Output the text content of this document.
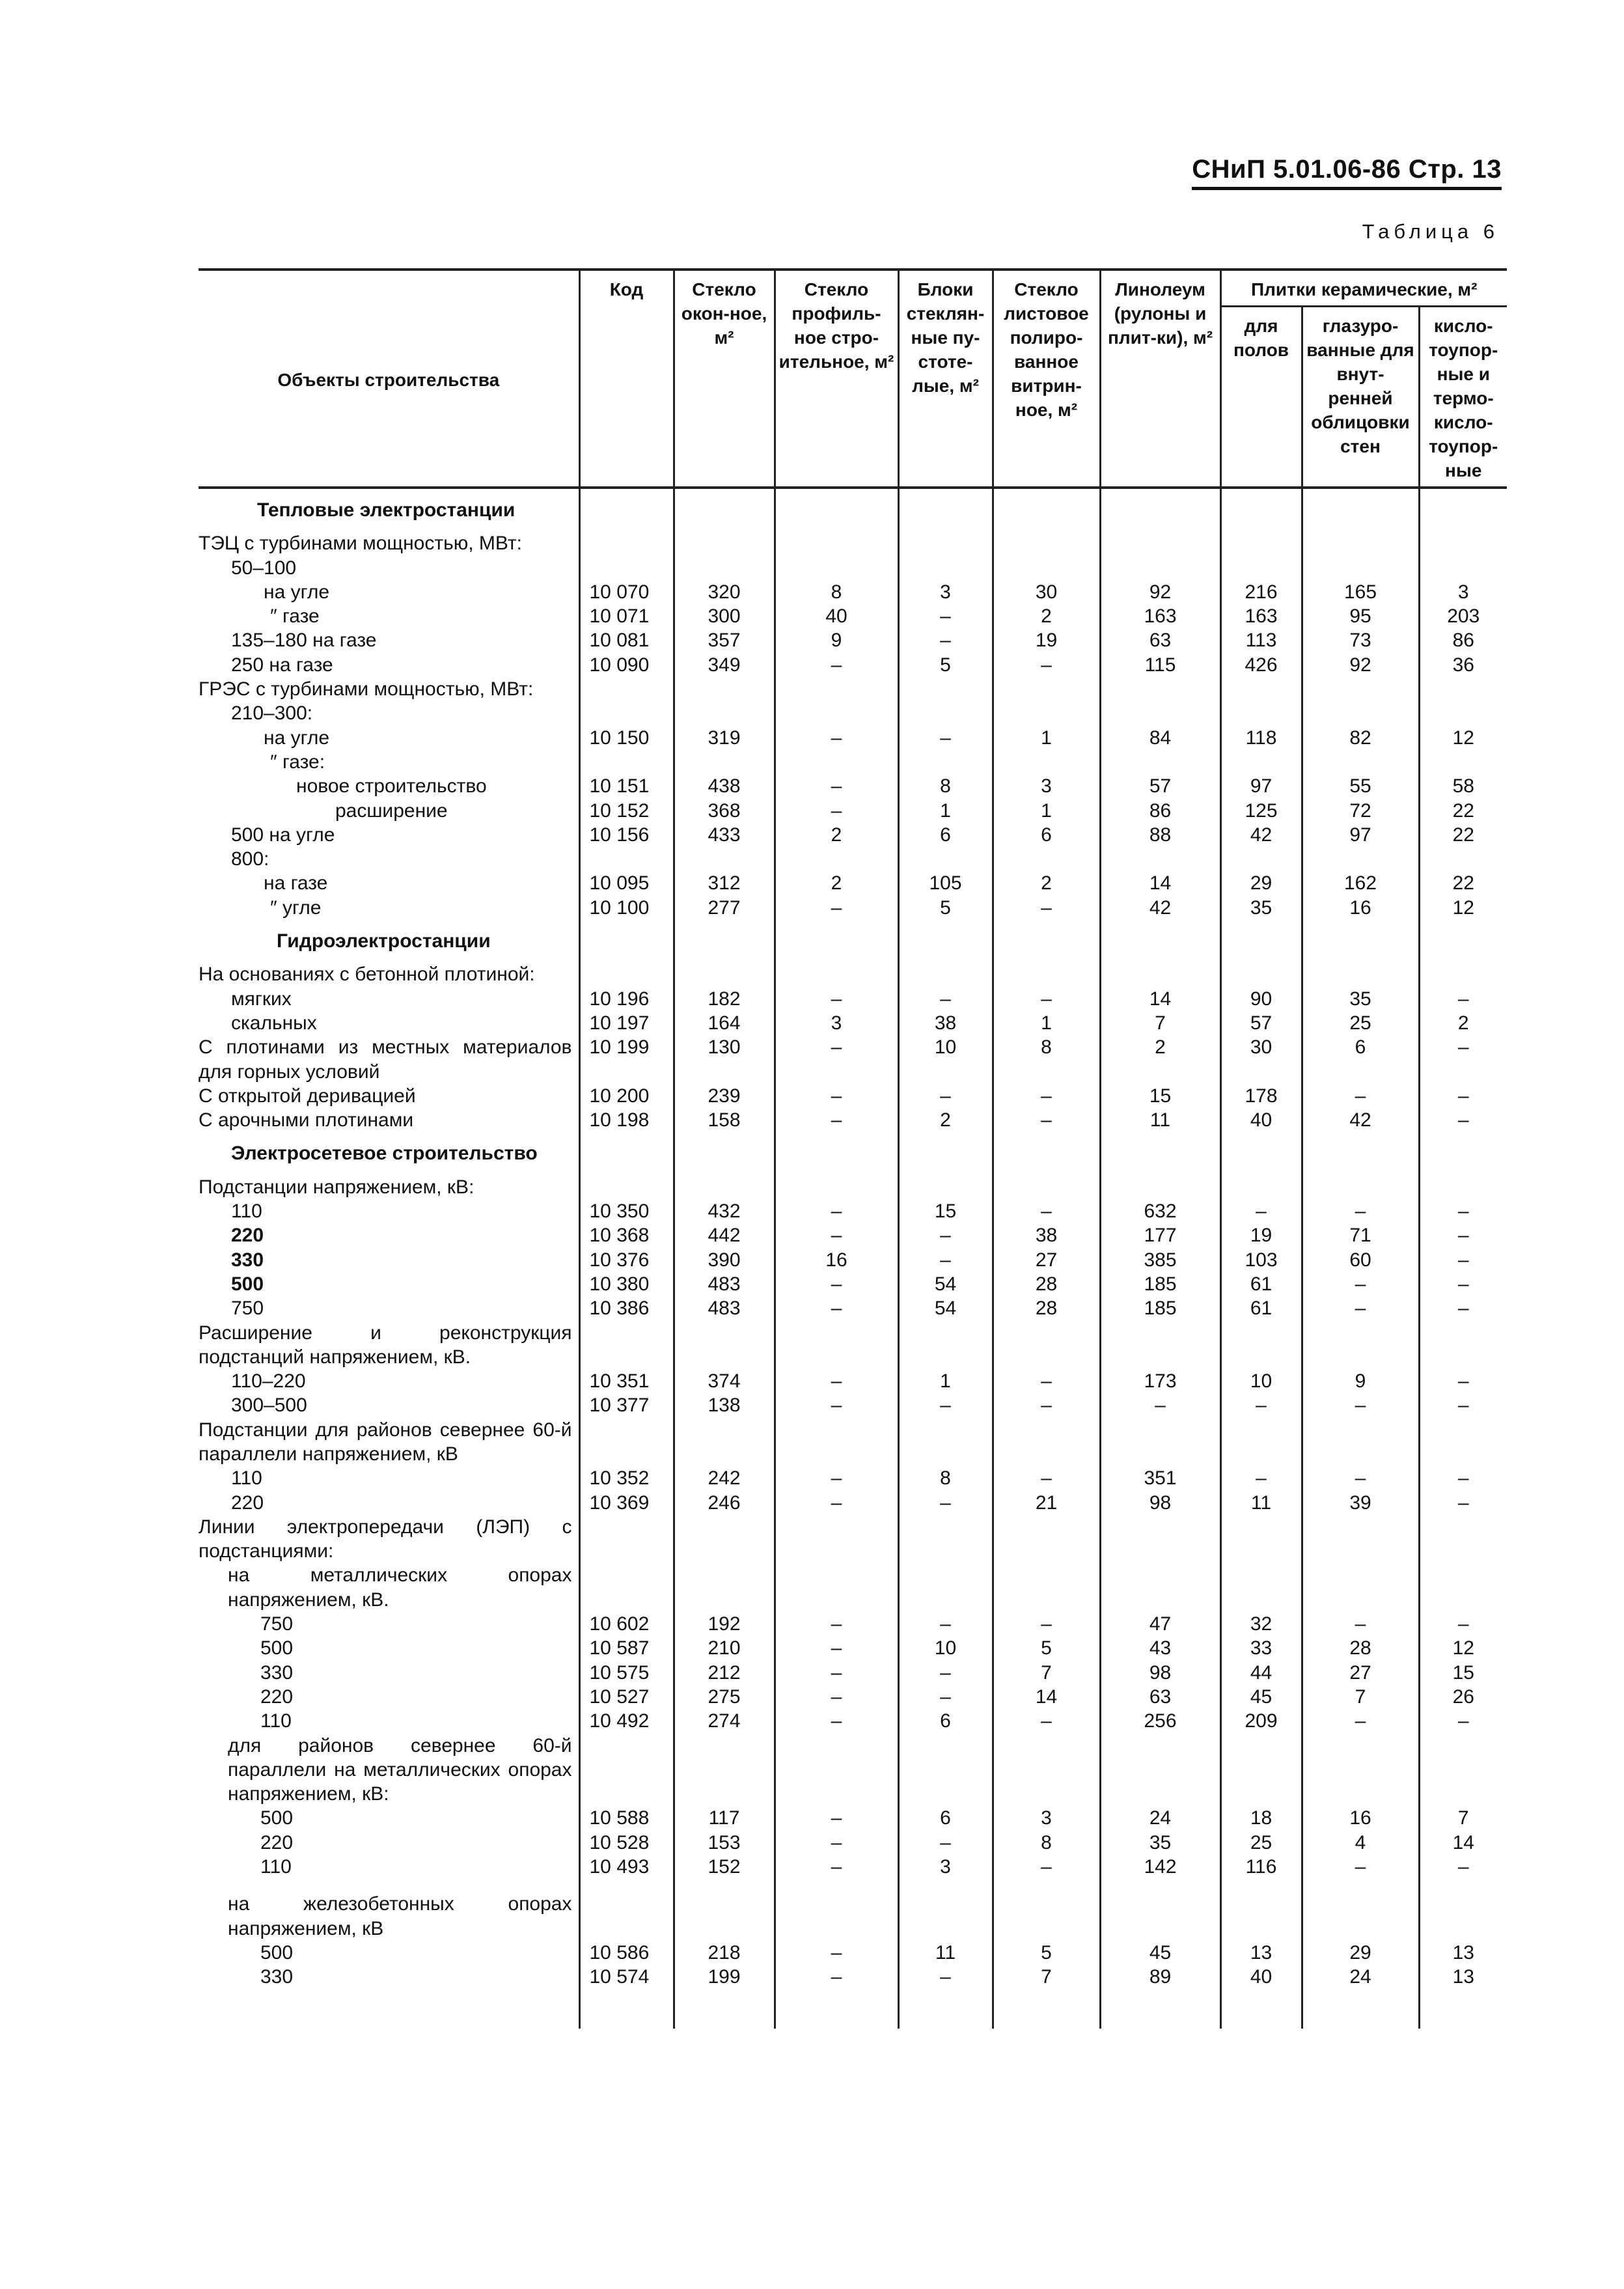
СНиП 5.01.06-86 Стр. 13
Таблица 6
Объекты строительства	Код	Стекло окон-ное, м²	Стекло профиль-ное стро-ительное, м²	Блоки стеклян-ные пу-стоте-лые, м²	Стекло листовое полиро-ванное витрин-ное, м²	Линолеум (рулоны и плит-ки), м²	Плитки керамические, м²		
							для полов	глазуро-ванные для внут-ренней облицовки стен	кисло-тоупор-ные и термо-кисло-тоупор-ные
Тепловые электростанции									
ТЭЦ с турбинами мощностью, МВт:									
50–100									
на угле	10 070	320	8	3	30	92	216	165	3
″ газе	10 071	300	40	–	2	163	163	95	203
135–180 на газе	10 081	357	9	–	19	63	113	73	86
250 на газе	10 090	349	–	5	–	115	426	92	36
ГРЭС с турбинами мощностью, МВт:									
210–300:									
на угле	10 150	319	–	–	1	84	118	82	12
″ газе:									
новое строительство	10 151	438	–	8	3	57	97	55	58
расширение	10 152	368	–	1	1	86	125	72	22
500 на угле	10 156	433	2	6	6	88	42	97	22
800:									
на газе	10 095	312	2	105	2	14	29	162	22
″ угле	10 100	277	–	5	–	42	35	16	12
Гидроэлектростанции									
На основаниях с бетонной плотиной:									
мягких	10 196	182	–	–	–	14	90	35	–
скальных	10 197	164	3	38	1	7	57	25	2
С плотинами из местных материалов для горных условий	10 199	130	–	10	8	2	30	6	–
С открытой деривацией	10 200	239	–	–	–	15	178	–	–
С арочными плотинами	10 198	158	–	2	–	11	40	42	–
Электросетевое строительство									
Подстанции напряжением, кВ:									
110	10 350	432	–	15	–	632	–	–	–
220	10 368	442	–	–	38	177	19	71	–
330	10 376	390	16	–	27	385	103	60	–
500	10 380	483	–	54	28	185	61	–	–
750	10 386	483	–	54	28	185	61	–	–
Расширение и реконструкция подстанций напряжением, кВ.									
110–220	10 351	374	–	1	–	173	10	9	–
300–500	10 377	138	–	–	–	–	–	–	–
Подстанции для районов севернее 60-й параллели напряжением, кВ									
110	10 352	242	–	8	–	351	–	–	–
220	10 369	246	–	–	21	98	11	39	–
Линии электропередачи (ЛЭП) с подстанциями:									
на металлических опорах напряжением, кВ.									
750	10 602	192	–	–	–	47	32	–	–
500	10 587	210	–	10	5	43	33	28	12
330	10 575	212	–	–	7	98	44	27	15
220	10 527	275	–	–	14	63	45	7	26
110	10 492	274	–	6	–	256	209	–	–
для районов севернее 60-й параллели на металлических опорах напряжением, кВ:									
500	10 588	117	–	6	3	24	18	16	7
220	10 528	153	–	–	8	35	25	4	14
110	10 493	152	–	3	–	142	116	–	–

на железобетонных опорах напряжением, кВ									
500	10 586	218	–	11	5	45	13	29	13
330	10 574	199	–	–	7	89	40	24	13
